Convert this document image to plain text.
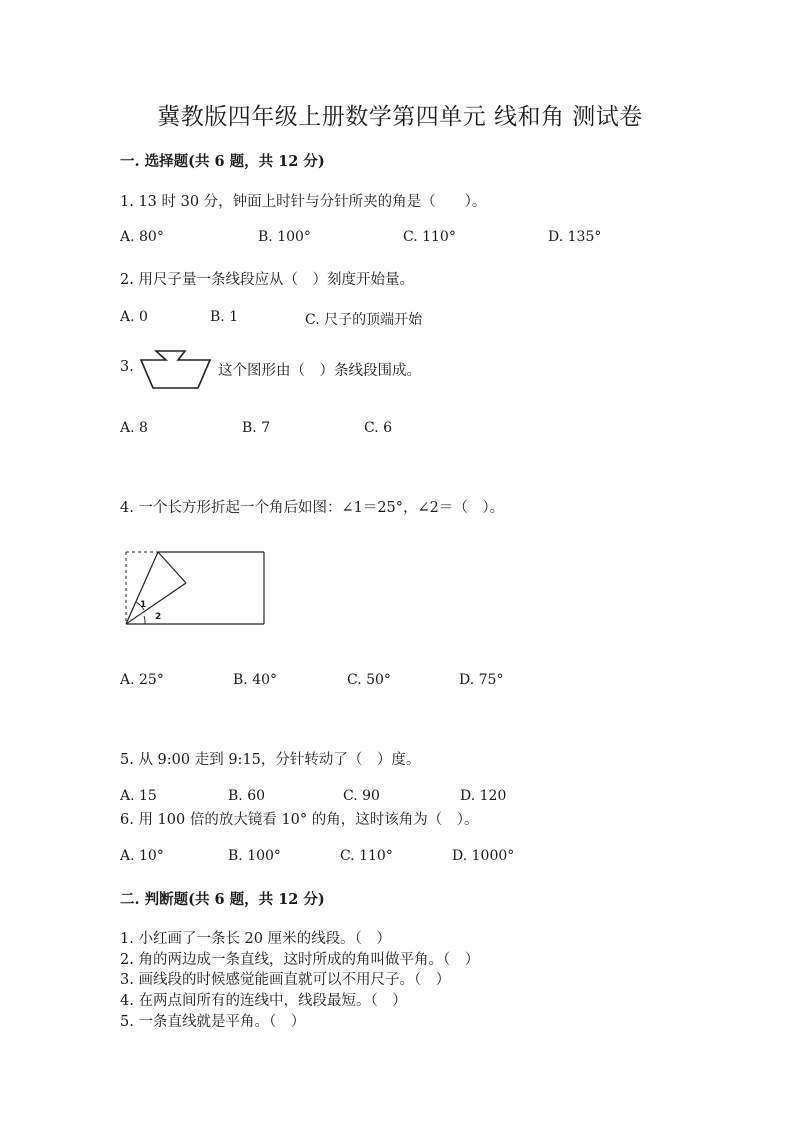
冀教版四年级上册数学第四单元 线和角 测试卷
一. 选择题(共 6 题，共 12 分)
1. 13 时 30 分，钟面上时针与分针所夹的角是（　　）。
A. 80°	B. 100°	C. 110°	D. 135°
2. 用尺子量一条线段应从（　）刻度开始量。
A. 0	B. 1	C. 尺子的顶端开始
3.	这个图形由（　）条线段围成。
A. 8	B. 7	C. 6
4. 一个长方形折起一个角后如图：∠1＝25°，∠2＝（　）。
1
2
A. 25°	B. 40°	C. 50°	D. 75°
5. 从 9:00 走到 9:15，分针转动了（　）度。
A. 15	B. 60	C. 90	D. 120
6. 用 100 倍的放大镜看 10° 的角，这时该角为（　）。
A. 10°	B. 100°	C. 110°	D. 1000°
二. 判断题(共 6 题，共 12 分)
1. 小红画了一条长 20 厘米的线段。（　）
2. 角的两边成一条直线，这时所成的角叫做平角。（　）
3. 画线段的时候感觉能画直就可以不用尺子。（　）
4. 在两点间所有的连线中，线段最短。（　）
5. 一条直线就是平角。（　）
